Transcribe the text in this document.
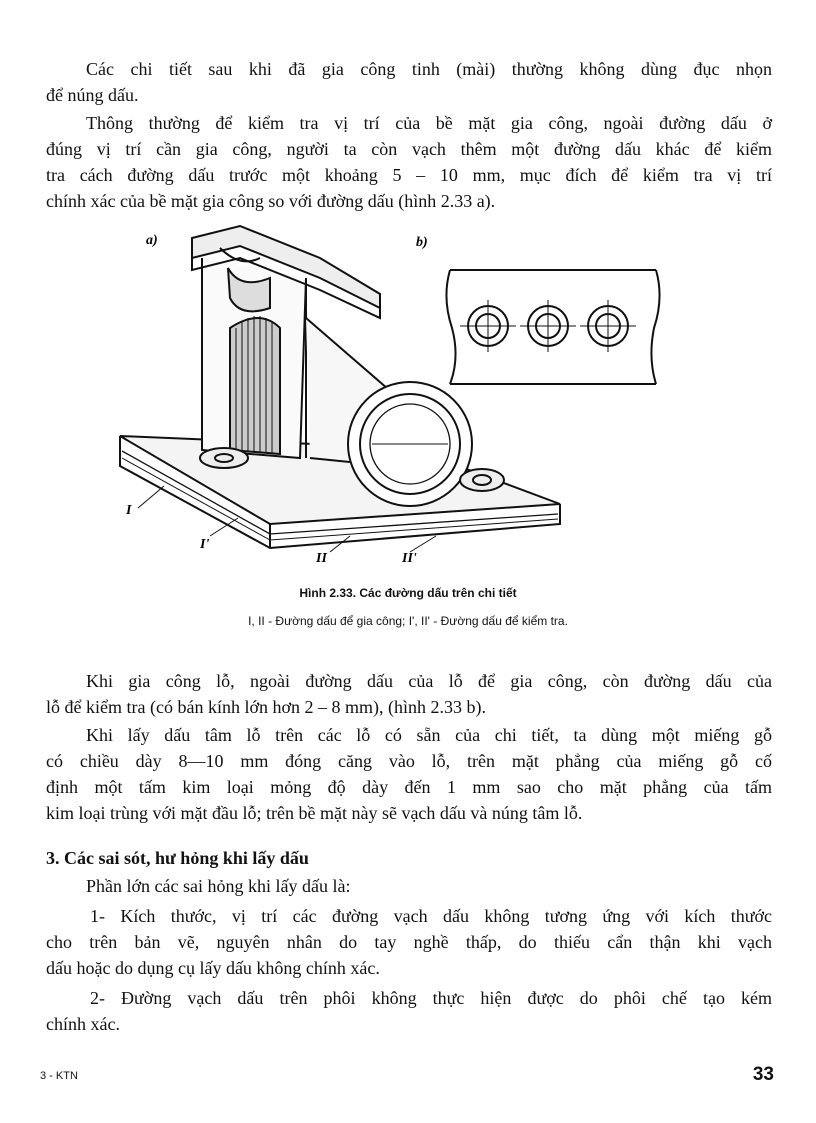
Các chi tiết sau khi đã gia công tinh (mài) thường không dùng đục nhọn
để núng dấu.
Thông thường để kiểm tra vị trí của bề mặt gia công, ngoài đường dấu ở
đúng vị trí cần gia công, người ta còn vạch thêm một đường dấu khác để kiểm
tra cách đường dấu trước một khoảng 5 – 10 mm, mục đích để kiểm tra vị trí
chính xác của bề mặt gia công so với đường dấu (hình 2.33 a).
a)
I
I'
II	II'
b)
Hình 2.33. Các đường dấu trên chi tiết
I, II - Đường dấu để gia công; I', II' - Đường dấu để kiểm tra.
Khi gia công lỗ, ngoài đường dấu của lỗ để gia công, còn đường dấu của
lỗ để kiểm tra (có bán kính lớn hơn 2 – 8 mm), (hình 2.33 b).
Khi lấy dấu tâm lỗ trên các lỗ có sẵn của chi tiết, ta dùng một miếng gỗ
có chiều dày 8—10 mm đóng căng vào lỗ, trên mặt phẳng của miếng gỗ cố
định một tấm kim loại mỏng độ dày đến 1 mm sao cho mặt phẳng của tấm
kim loại trùng với mặt đầu lỗ; trên bề mặt này sẽ vạch dấu và núng tâm lỗ.
3. Các sai sót, hư hỏng khi lấy dấu
Phần lớn các sai hỏng khi lấy dấu là:
1- Kích thước, vị trí các đường vạch dấu không tương ứng với kích thước
cho trên bản vẽ, nguyên nhân do tay nghề thấp, do thiếu cẩn thận khi vạch
dấu hoặc do dụng cụ lấy dấu không chính xác.
2- Đường vạch dấu trên phôi không thực hiện được do phôi chế tạo kém
chính xác.
3 - KTN	33
